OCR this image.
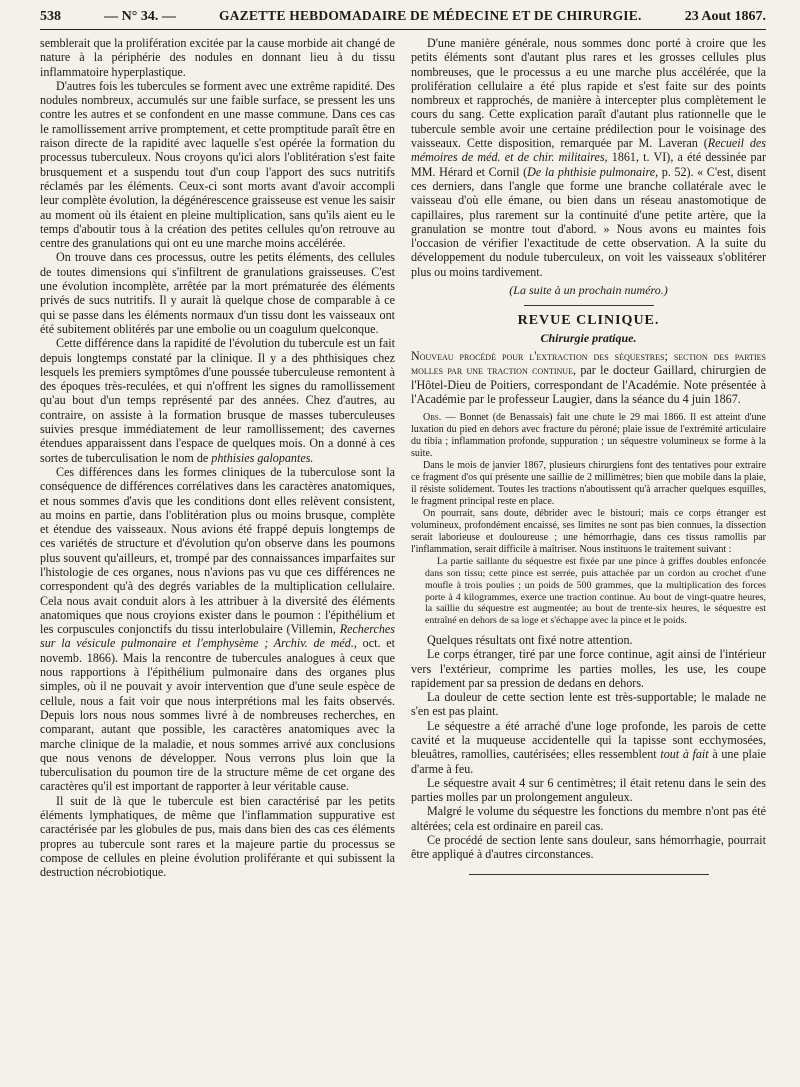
538	— N° 34. —	GAZETTE HEBDOMADAIRE DE MÉDECINE ET DE CHIRURGIE.	23 Aout 1867.

semblerait que la prolifération excitée par la cause morbide ait changé de nature à la périphérie des nodules en donnant lieu à du tissu inflammatoire hyperplastique.

D'autres fois les tubercules se forment avec une extrême rapidité. Des nodules nombreux, accumulés sur une faible surface, se pressent les uns contre les autres et se confondent en une masse commune. Dans ces cas le ramollissement arrive promptement, et cette promptitude paraît être en raison directe de la rapidité avec laquelle s'est opérée la formation du processus tuberculeux. Nous croyons qu'ici alors l'oblitération s'est faite brusquement et a suspendu tout d'un coup l'apport des sucs nutritifs réclamés par les éléments. Ceux-ci sont morts avant d'avoir accompli leur complète évolution, la dégénérescence graisseuse est venue les saisir au moment où ils étaient en pleine multiplication, sans qu'ils aient eu le temps d'aboutir tous à la création des petites cellules qu'on retrouve au centre des granulations qui ont eu une marche moins accélérée.

On trouve dans ces processus, outre les petits éléments, des cellules de toutes dimensions qui s'infiltrent de granulations graisseuses. C'est une évolution incomplète, arrêtée par la mort prématurée des éléments privés de sucs nutritifs. Il y aurait là quelque chose de comparable à ce qui se passe dans les éléments normaux d'un tissu dont les vaisseaux ont été subitement oblitérés par une embolie ou un coagulum quelconque.

Cette différence dans la rapidité de l'évolution du tubercule est un fait depuis longtemps constaté par la clinique. Il y a des phthisiques chez lesquels les premiers symptômes d'une poussée tuberculeuse remontent à des époques très-reculées, et qui n'offrent les signes du ramollissement qu'au bout d'un temps représenté par des années. Chez d'autres, au contraire, on assiste à la formation brusque de masses tuberculeuses suivies presque immédiatement de leur ramollissement; des cavernes étendues apparaissent dans l'espace de quelques mois. On a donné à ces sortes de tuberculisation le nom de phthisies galopantes.

Ces différences dans les formes cliniques de la tuberculose sont la conséquence de différences corrélatives dans les caractères anatomiques, et nous sommes d'avis que les conditions dont elles relèvent consistent, au moins en partie, dans l'oblitération plus ou moins brusque, complète et étendue des vaisseaux. Nous avions été frappé depuis longtemps de ces variétés de structure et d'évolution qu'on observe dans les poumons plus souvent qu'ailleurs, et, trompé par des connaissances imparfaites sur l'histologie de ces organes, nous n'avions pas vu que ces différences ne correspondent qu'à des degrés variables de la multiplication cellulaire. Cela nous avait conduit alors à les attribuer à la diversité des éléments anatomiques que nous croyions exister dans le poumon : l'épithélium et les corpuscules conjonctifs du tissu interlobulaire (Villemin, Recherches sur la vésicule pulmonaire et l'emphysème ; Archiv. de méd., oct. et novemb. 1866). Mais la rencontre de tubercules analogues à ceux que nous rapportions à l'épithélium pulmonaire dans des organes plus simples, où il ne pouvait y avoir intervention que d'une seule espèce de cellule, nous a fait voir que nous interprétions mal les faits observés. Depuis lors nous nous sommes livré à de nombreuses recherches, en comparant, autant que possible, les caractères anatomiques avec la marche clinique de la maladie, et nous sommes arrivé aux conclusions que nous venons de développer. Nous verrons plus loin que la tuberculisation du poumon tire de la structure même de cet organe des caractères qu'il est important de rapporter à leur véritable cause.

Il suit de là que le tubercule est bien caractérisé par les petits éléments lymphatiques, de même que l'inflammation suppurative est caractérisée par les globules de pus, mais dans bien des cas ces éléments propres au tubercule sont rares et la majeure partie du processus se compose de cellules en pleine évolution proliférante et qui subissent la destruction nécrobiotique.

D'une manière générale, nous sommes donc porté à croire que les petits éléments sont d'autant plus rares et les grosses cellules plus nombreuses, que le processus a eu une marche plus accélérée, que la prolifération cellulaire a été plus rapide et s'est faite sur des points nombreux et rapprochés, de manière à intercepter plus complètement le cours du sang. Cette explication paraît d'autant plus rationnelle que le tubercule semble avoir une certaine prédilection pour le voisinage des vaisseaux. Cette disposition, remarquée par M. Laveran (Recueil des mémoires de méd. et de chir. militaires, 1861, t. VI), a été dessinée par MM. Hérard et Cornil (De la phthisie pulmonaire, p. 52). « C'est, disent ces derniers, dans l'angle que forme une branche collatérale avec le vaisseau d'où elle émane, ou bien dans un réseau anastomotique de capillaires, plus rarement sur la continuité d'une petite artère, que la granulation se montre tout d'abord. » Nous avons eu maintes fois l'occasion de vérifier l'exactitude de cette observation. A la suite du développement du nodule tuberculeux, on voit les vaisseaux s'oblitérer plus ou moins tardivement.

(La suite à un prochain numéro.)
REVUE CLINIQUE.
Chirurgie pratique.

Nouveau procédé pour l'extraction des séquestres; section des parties molles par une traction continue, par le docteur Gaillard, chirurgien de l'Hôtel-Dieu de Poitiers, correspondant de l'Académie. Note présentée à l'Académie par le professeur Laugier, dans la séance du 4 juin 1867.

Obs. — Bonnet (de Benassais) fait une chute le 29 mai 1866. Il est atteint d'une luxation du pied en dehors avec fracture du péroné; plaie issue de l'extrémité articulaire du tibia ; inflammation profonde, suppuration ; un séquestre volumineux se forme à la suite.

Dans le mois de janvier 1867, plusieurs chirurgiens font des tentatives pour extraire ce fragment d'os qui présente une saillie de 2 millimètres; bien que mobile dans la plaie, il résiste solidement. Toutes les tractions n'aboutissent qu'à arracher quelques esquilles, le fragment principal reste en place.

On pourrait, sans doute, débrider avec le bistouri; mais ce corps étranger est volumineux, profondément encaissé, ses limites ne sont pas bien connues, la dissection serait laborieuse et douloureuse ; une hémorrhagie, dans ces tissus ramollis par l'inflammation, serait difficile à maîtriser. Nous instituons le traitement suivant :

La partie saillante du séquestre est fixée par une pince à griffes doubles enfoncée dans son tissu; cette pince est serrée, puis attachée par un cordon au crochet d'une moufle à trois poulies ; un poids de 500 grammes, que la multiplication des forces porte à 4 kilogrammes, exerce une traction continue. Au bout de vingt-quatre heures, la saillie du séquestre est augmentée; au bout de trente-six heures, le séquestre est entraîné en dehors de sa loge et s'échappe avec la pince et le poids.

Quelques résultats ont fixé notre attention.

Le corps étranger, tiré par une force continue, agit ainsi de l'intérieur vers l'extérieur, comprime les parties molles, les use, les coupe rapidement par sa pression de dedans en dehors.

La douleur de cette section lente est très-supportable; le malade ne s'en est pas plaint.

Le séquestre a été arraché d'une loge profonde, les parois de cette cavité et la muqueuse accidentelle qui la tapisse sont ecchymosées, bleuâtres, ramollies, cautérisées; elles ressemblent tout à fait à une plaie d'arme à feu.

Le séquestre avait 4 sur 6 centimètres; il était retenu dans le sein des parties molles par un prolongement anguleux.

Malgré le volume du séquestre les fonctions du membre n'ont pas été altérées; cela est ordinaire en pareil cas.

Ce procédé de section lente sans douleur, sans hémorrhagie, pourrait être appliqué à d'autres circonstances.
